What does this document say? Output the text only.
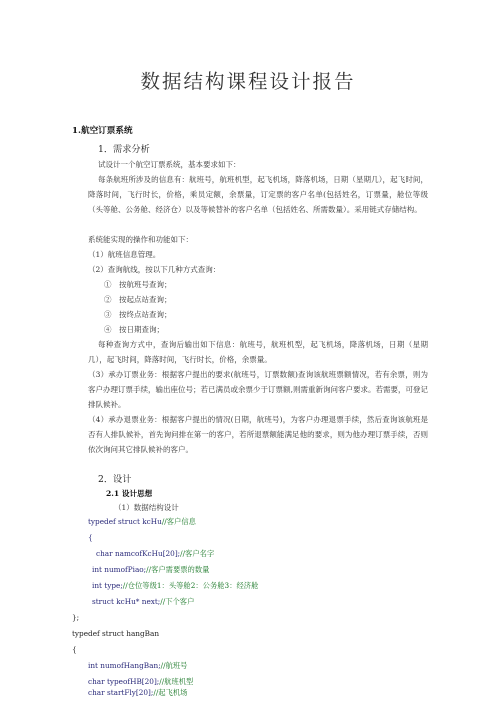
数据结构课程设计报告
1.航空订票系统
1．需求分析
试设计一个航空订票系统，基本要求如下：
每条航班所涉及的信息有：航班号，航班机型，起飞机场，降落机场，日期（星期几），起飞时间，降落时间，飞行时长，价格，乘员定额，余票量，订定票的客户名单(包括姓名，订票量，舱位等级（头等舱、公务舱、经济仓）以及等候替补的客户名单（包括姓名、所需数量）。采用链式存储结构。
系统能实现的操作和功能如下：
（1）航班信息管理。
（2）查询航线，按以下几种方式查询：
①　按航班号查询；
②　按起点站查询；
③　按终点站查询；
④　按日期查询；
每种查询方式中，查询后输出如下信息：航班号，航班机型，起飞机场，降落机场，日期（星期几），起飞时间，降落时间，飞行时长，价格，余票量。
（3）承办订票业务：根据客户提出的要求(航班号，订票数额)查询该航班票额情况，若有余票，则为客户办理订票手续，输出座位号；若已满员或余票少于订票额,则需重新询问客户要求。若需要，可登记排队候补。
（4）承办退票业务：根据客户提出的情况(日期，航班号)，为客户办理退票手续，然后查询该航班是否有人排队候补，首先询问排在第一的客户，若所退票额能满足他的要求，则为他办理订票手续，否则依次询问其它排队候补的客户。
2．设计
2.1 设计思想
（1）数据结构设计
typedef struct kcHu//客户信息
{
char namcofKcHu[20];//客户名字
int numofPiao;//客户需要票的数量
int type;//仓位等级1：头等舱2：公务舱3：经济舱
struct kcHu* next;//下个客户
};
typedef struct hangBan
{
int numofHangBan;//航班号
char typeofHB[20];//航班机型
char startFly[20];//起飞机场
